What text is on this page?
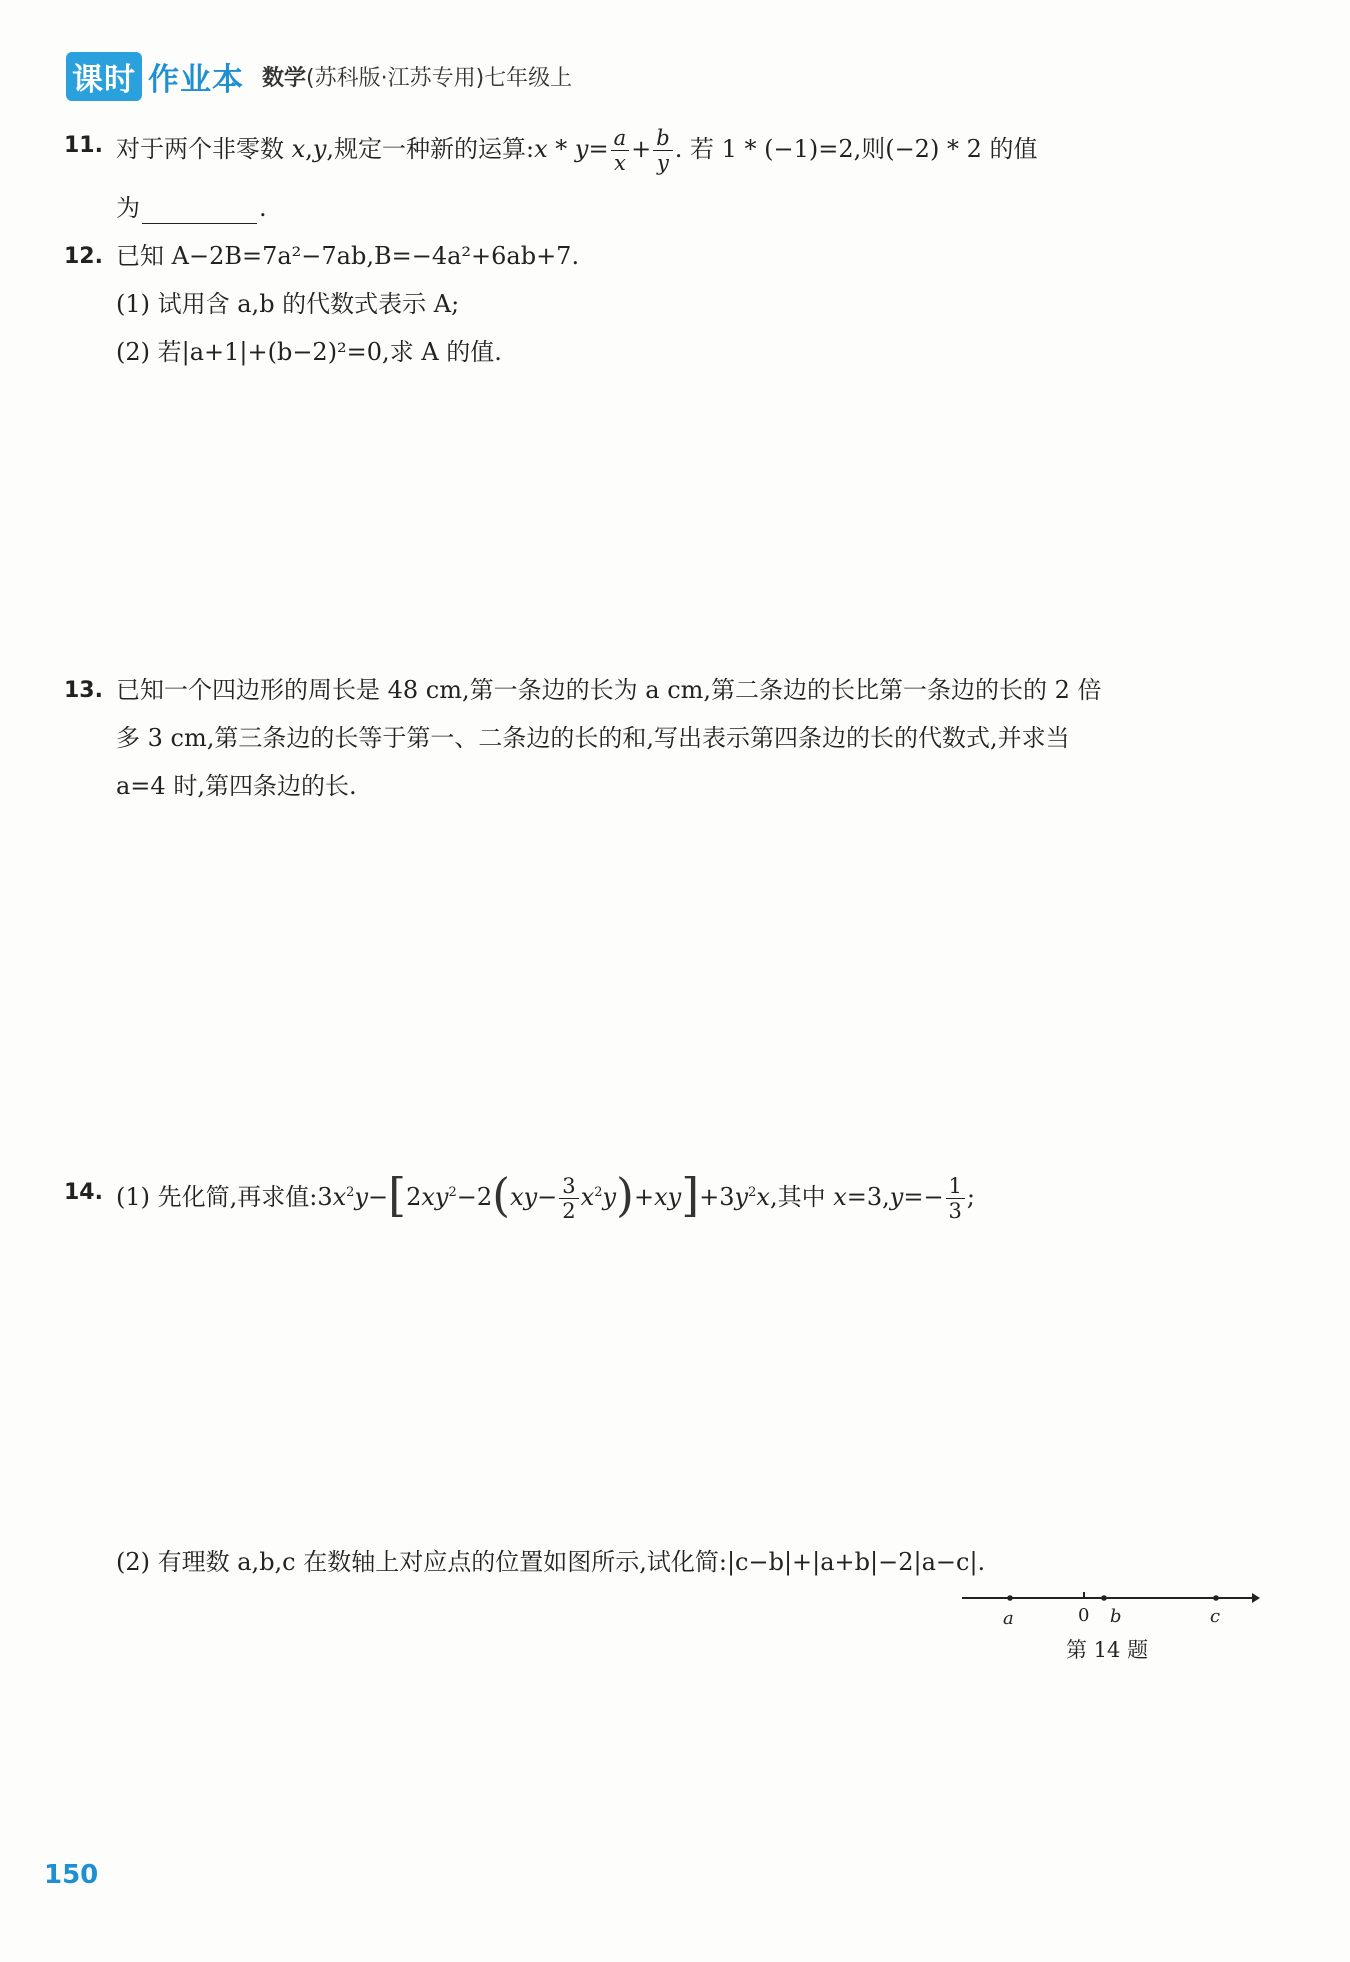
课时 作业本 数学(苏科版·江苏专用)七年级上
11. 对于两个非零数 x,y,规定一种新的运算:x * $y= \frac{a}{x} + \frac{b}{y}$ . 若 1 * (−1)=2,则(−2) * 2 的值
为	.
12. 已知 A−2B=7a²−7ab,B=−4a²+6ab+7.
(1) 试用含 a,b 的代数式表示 A;
(2) 若|a+1|+(b−2)²=0,求 A 的值.
13. 已知一个四边形的周长是 48 cm,第一条边的长为 a cm,第二条边的长比第一条边的长的 2 倍
多 3 cm,第三条边的长等于第一、二条边的长的和,写出表示第四条边的长的代数式,并求当
a=4 时,第四条边的长.
14. (1) 先化简,再求值$:3x^2y-[2xy^2-2(xy- \frac{3}{2} x^2y)+xy]+3y^2x$,其中 $x=3,y=- \frac{1}{3}$ ;
(2) 有理数 a,b,c 在数轴上对应点的位置如图所示,试化简:|c−b|+|a+b|−2|a−c|.
a	0 b	c
第 14 题
150
